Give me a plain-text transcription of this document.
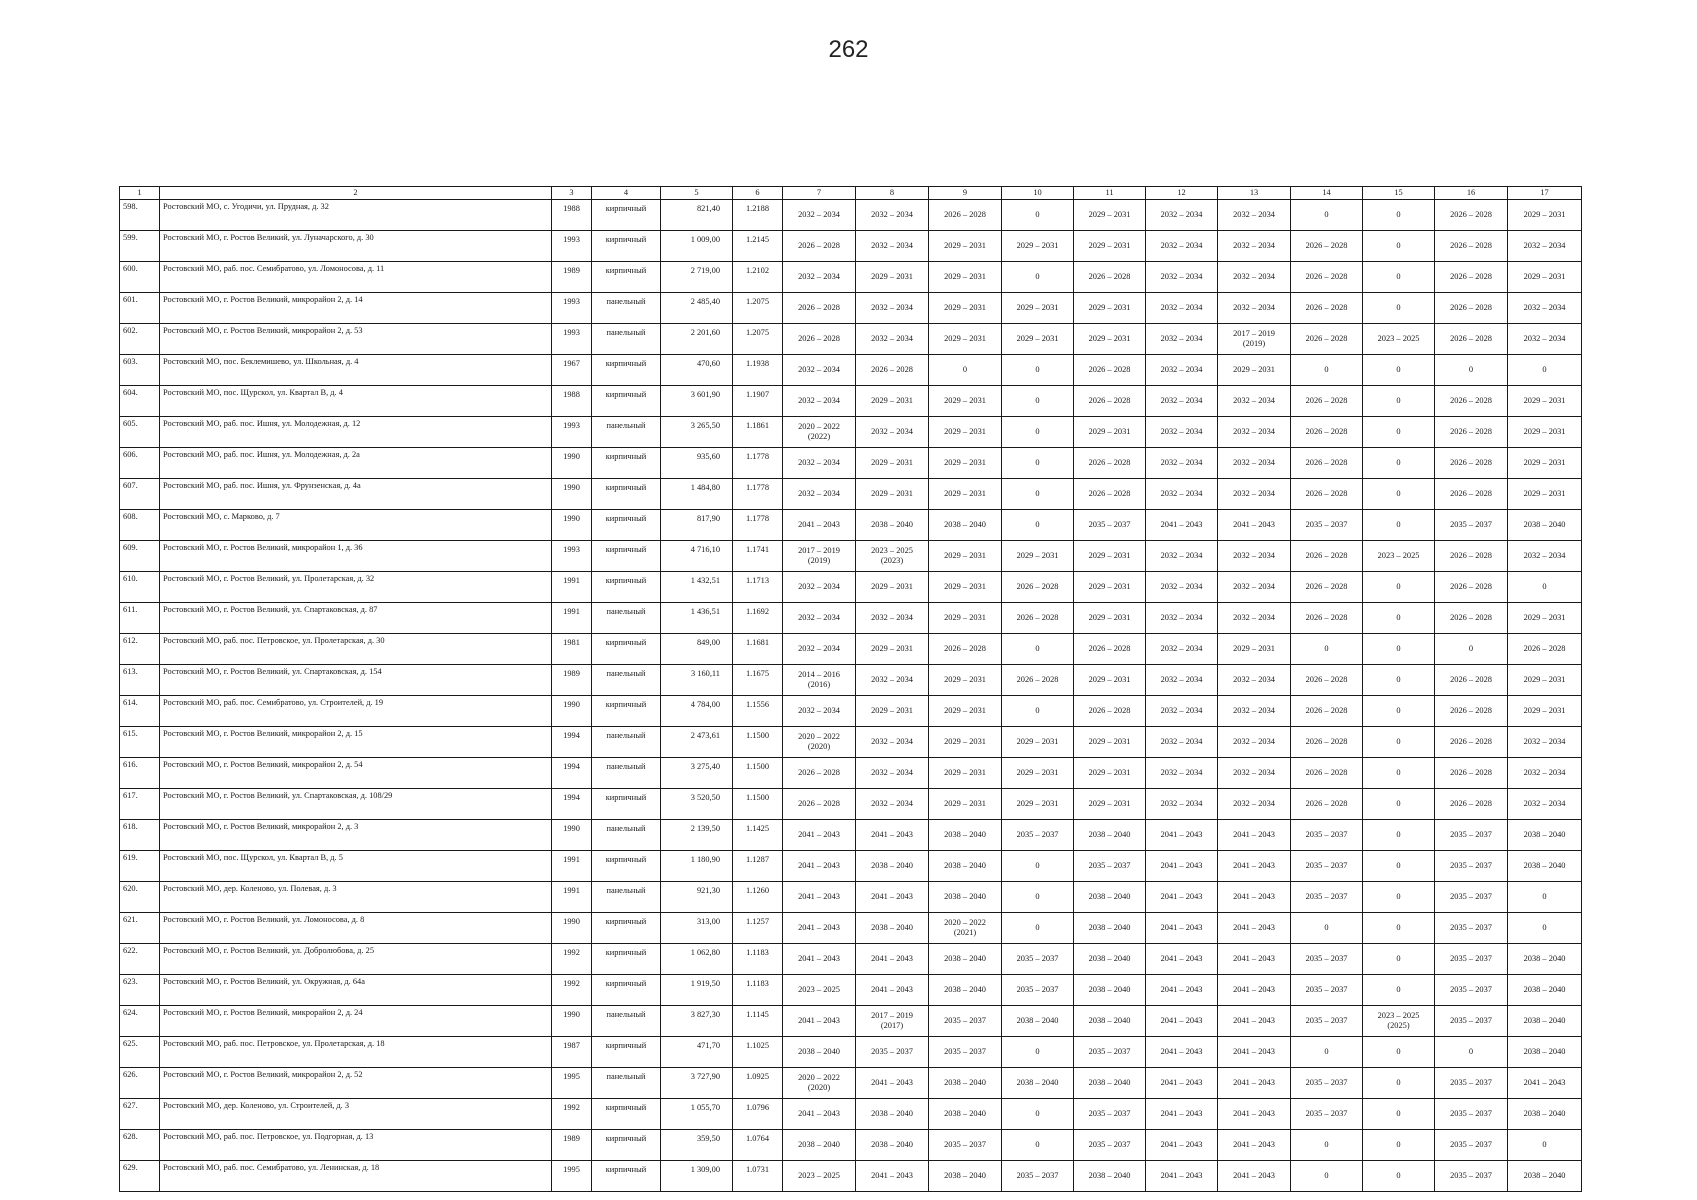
262
1	2	3	4	5	6	7	8	9	10	11	12	13	14	15	16	17
598.	Ростовский МО, с. Угодичи, ул. Прудная, д. 32	1988	кирпичный	821,40	1.2188	2032 – 2034	2032 – 2034	2026 – 2028	0	2029 – 2031	2032 – 2034	2032 – 2034	0	0	2026 – 2028	2029 – 2031
599.	Ростовский МО, г. Ростов Великий, ул. Луначарского, д. 30	1993	кирпичный	1 009,00	1.2145	2026 – 2028	2032 – 2034	2029 – 2031	2029 – 2031	2029 – 2031	2032 – 2034	2032 – 2034	2026 – 2028	0	2026 – 2028	2032 – 2034
600.	Ростовский МО, раб. пос. Семибратово, ул. Ломоносова, д. 11	1989	кирпичный	2 719,00	1.2102	2032 – 2034	2029 – 2031	2029 – 2031	0	2026 – 2028	2032 – 2034	2032 – 2034	2026 – 2028	0	2026 – 2028	2029 – 2031
601.	Ростовский МО, г. Ростов Великий, микрорайон 2, д. 14	1993	панельный	2 485,40	1.2075	2026 – 2028	2032 – 2034	2029 – 2031	2029 – 2031	2029 – 2031	2032 – 2034	2032 – 2034	2026 – 2028	0	2026 – 2028	2032 – 2034
602.	Ростовский МО, г. Ростов Великий, микрорайон 2, д. 53	1993	панельный	2 201,60	1.2075	2026 – 2028	2032 – 2034	2029 – 2031	2029 – 2031	2029 – 2031	2032 – 2034	2017 – 2019 (2019)	2026 – 2028	2023 – 2025	2026 – 2028	2032 – 2034
603.	Ростовский МО, пос. Беклемишево, ул. Школьная, д. 4	1967	кирпичный	470,60	1.1938	2032 – 2034	2026 – 2028	0	0	2026 – 2028	2032 – 2034	2029 – 2031	0	0	0	0
604.	Ростовский МО, пос. Щурскол, ул. Квартал В, д. 4	1988	кирпичный	3 601,90	1.1907	2032 – 2034	2029 – 2031	2029 – 2031	0	2026 – 2028	2032 – 2034	2032 – 2034	2026 – 2028	0	2026 – 2028	2029 – 2031
605.	Ростовский МО, раб. пос. Ишня, ул. Молодежная, д. 12	1993	панельный	3 265,50	1.1861	2020 – 2022 (2022)	2032 – 2034	2029 – 2031	0	2029 – 2031	2032 – 2034	2032 – 2034	2026 – 2028	0	2026 – 2028	2029 – 2031
606.	Ростовский МО, раб. пос. Ишня, ул. Молодежная, д. 2а	1990	кирпичный	935,60	1.1778	2032 – 2034	2029 – 2031	2029 – 2031	0	2026 – 2028	2032 – 2034	2032 – 2034	2026 – 2028	0	2026 – 2028	2029 – 2031
607.	Ростовский МО, раб. пос. Ишня, ул. Фрунзенская, д. 4а	1990	кирпичный	1 484,80	1.1778	2032 – 2034	2029 – 2031	2029 – 2031	0	2026 – 2028	2032 – 2034	2032 – 2034	2026 – 2028	0	2026 – 2028	2029 – 2031
608.	Ростовский МО, с. Марково, д. 7	1990	кирпичный	817,90	1.1778	2041 – 2043	2038 – 2040	2038 – 2040	0	2035 – 2037	2041 – 2043	2041 – 2043	2035 – 2037	0	2035 – 2037	2038 – 2040
609.	Ростовский МО, г. Ростов Великий, микрорайон 1, д. 36	1993	кирпичный	4 716,10	1.1741	2017 – 2019 (2019)	2023 – 2025 (2023)	2029 – 2031	2029 – 2031	2029 – 2031	2032 – 2034	2032 – 2034	2026 – 2028	2023 – 2025	2026 – 2028	2032 – 2034
610.	Ростовский МО, г. Ростов Великий, ул. Пролетарская, д. 32	1991	кирпичный	1 432,51	1.1713	2032 – 2034	2029 – 2031	2029 – 2031	2026 – 2028	2029 – 2031	2032 – 2034	2032 – 2034	2026 – 2028	0	2026 – 2028	0
611.	Ростовский МО, г. Ростов Великий, ул. Спартаковская, д. 87	1991	панельный	1 436,51	1.1692	2032 – 2034	2032 – 2034	2029 – 2031	2026 – 2028	2029 – 2031	2032 – 2034	2032 – 2034	2026 – 2028	0	2026 – 2028	2029 – 2031
612.	Ростовский МО, раб. пос. Петровское, ул. Пролетарская, д. 30	1981	кирпичный	849,00	1.1681	2032 – 2034	2029 – 2031	2026 – 2028	0	2026 – 2028	2032 – 2034	2029 – 2031	0	0	0	2026 – 2028
613.	Ростовский МО, г. Ростов Великий, ул. Спартаковская, д. 154	1989	панельный	3 160,11	1.1675	2014 – 2016 (2016)	2032 – 2034	2029 – 2031	2026 – 2028	2029 – 2031	2032 – 2034	2032 – 2034	2026 – 2028	0	2026 – 2028	2029 – 2031
614.	Ростовский МО, раб. пос. Семибратово, ул. Строителей, д. 19	1990	кирпичный	4 784,00	1.1556	2032 – 2034	2029 – 2031	2029 – 2031	0	2026 – 2028	2032 – 2034	2032 – 2034	2026 – 2028	0	2026 – 2028	2029 – 2031
615.	Ростовский МО, г. Ростов Великий, микрорайон 2, д. 15	1994	панельный	2 473,61	1.1500	2020 – 2022 (2020)	2032 – 2034	2029 – 2031	2029 – 2031	2029 – 2031	2032 – 2034	2032 – 2034	2026 – 2028	0	2026 – 2028	2032 – 2034
616.	Ростовский МО, г. Ростов Великий, микрорайон 2, д. 54	1994	панельный	3 275,40	1.1500	2026 – 2028	2032 – 2034	2029 – 2031	2029 – 2031	2029 – 2031	2032 – 2034	2032 – 2034	2026 – 2028	0	2026 – 2028	2032 – 2034
617.	Ростовский МО, г. Ростов Великий, ул. Спартаковская, д. 108/29	1994	кирпичный	3 520,50	1.1500	2026 – 2028	2032 – 2034	2029 – 2031	2029 – 2031	2029 – 2031	2032 – 2034	2032 – 2034	2026 – 2028	0	2026 – 2028	2032 – 2034
618.	Ростовский МО, г. Ростов Великий, микрорайон 2, д. 3	1990	панельный	2 139,50	1.1425	2041 – 2043	2041 – 2043	2038 – 2040	2035 – 2037	2038 – 2040	2041 – 2043	2041 – 2043	2035 – 2037	0	2035 – 2037	2038 – 2040
619.	Ростовский МО, пос. Щурскол, ул. Квартал В, д. 5	1991	кирпичный	1 180,90	1.1287	2041 – 2043	2038 – 2040	2038 – 2040	0	2035 – 2037	2041 – 2043	2041 – 2043	2035 – 2037	0	2035 – 2037	2038 – 2040
620.	Ростовский МО, дер. Коленово, ул. Полевая, д. 3	1991	панельный	921,30	1.1260	2041 – 2043	2041 – 2043	2038 – 2040	0	2038 – 2040	2041 – 2043	2041 – 2043	2035 – 2037	0	2035 – 2037	0
621.	Ростовский МО, г. Ростов Великий, ул. Ломоносова, д. 8	1990	кирпичный	313,00	1.1257	2041 – 2043	2038 – 2040	2020 – 2022 (2021)	0	2038 – 2040	2041 – 2043	2041 – 2043	0	0	2035 – 2037	0
622.	Ростовский МО, г. Ростов Великий, ул. Добролюбова, д. 25	1992	кирпичный	1 062,80	1.1183	2041 – 2043	2041 – 2043	2038 – 2040	2035 – 2037	2038 – 2040	2041 – 2043	2041 – 2043	2035 – 2037	0	2035 – 2037	2038 – 2040
623.	Ростовский МО, г. Ростов Великий, ул. Окружная, д. 64а	1992	кирпичный	1 919,50	1.1183	2023 – 2025	2041 – 2043	2038 – 2040	2035 – 2037	2038 – 2040	2041 – 2043	2041 – 2043	2035 – 2037	0	2035 – 2037	2038 – 2040
624.	Ростовский МО, г. Ростов Великий, микрорайон 2, д. 24	1990	панельный	3 827,30	1.1145	2041 – 2043	2017 – 2019 (2017)	2035 – 2037	2038 – 2040	2038 – 2040	2041 – 2043	2041 – 2043	2035 – 2037	2023 – 2025 (2025)	2035 – 2037	2038 – 2040
625.	Ростовский МО, раб. пос. Петровское, ул. Пролетарская, д. 18	1987	кирпичный	471,70	1.1025	2038 – 2040	2035 – 2037	2035 – 2037	0	2035 – 2037	2041 – 2043	2041 – 2043	0	0	0	2038 – 2040
626.	Ростовский МО, г. Ростов Великий, микрорайон 2, д. 52	1995	панельный	3 727,90	1.0925	2020 – 2022 (2020)	2041 – 2043	2038 – 2040	2038 – 2040	2038 – 2040	2041 – 2043	2041 – 2043	2035 – 2037	0	2035 – 2037	2041 – 2043
627.	Ростовский МО, дер. Коленово, ул. Строителей, д. 3	1992	кирпичный	1 055,70	1.0796	2041 – 2043	2038 – 2040	2038 – 2040	0	2035 – 2037	2041 – 2043	2041 – 2043	2035 – 2037	0	2035 – 2037	2038 – 2040
628.	Ростовский МО, раб. пос. Петровское, ул. Подгорная, д. 13	1989	кирпичный	359,50	1.0764	2038 – 2040	2038 – 2040	2035 – 2037	0	2035 – 2037	2041 – 2043	2041 – 2043	0	0	2035 – 2037	0
629.	Ростовский МО, раб. пос. Семибратово, ул. Ленинская, д. 18	1995	кирпичный	1 309,00	1.0731	2023 – 2025	2041 – 2043	2038 – 2040	2035 – 2037	2038 – 2040	2041 – 2043	2041 – 2043	0	0	2035 – 2037	2038 – 2040
